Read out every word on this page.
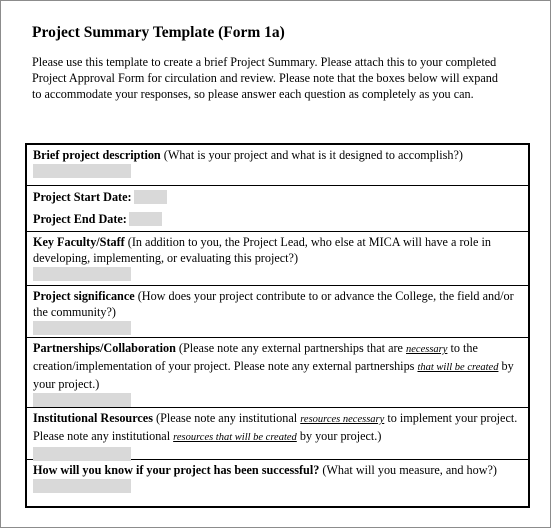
Project Summary Template (Form 1a)

Please use this template to create a brief Project Summary. Please attach this to your completed Project Approval Form for circulation and review. Please note that the boxes below will expand to accommodate your responses, so please answer each question as completely as you can.

Brief project description (What is your project and what is it designed to accomplish?)
Project Start Date:
Project End Date:
Key Faculty/Staff (In addition to you, the Project Lead, who else at MICA will have a role in developing, implementing, or evaluating this project?)
Project significance (How does your project contribute to or advance the College, the field and/or the community?)
Partnerships/Collaboration (Please note any external partnerships that are necessary to the creation/implementation of your project. Please note any external partnerships that will be created by your project.)
Institutional Resources (Please note any institutional resources necessary to implement your project. Please note any institutional resources that will be created by your project.)
How will you know if your project has been successful? (What will you measure, and how?)
